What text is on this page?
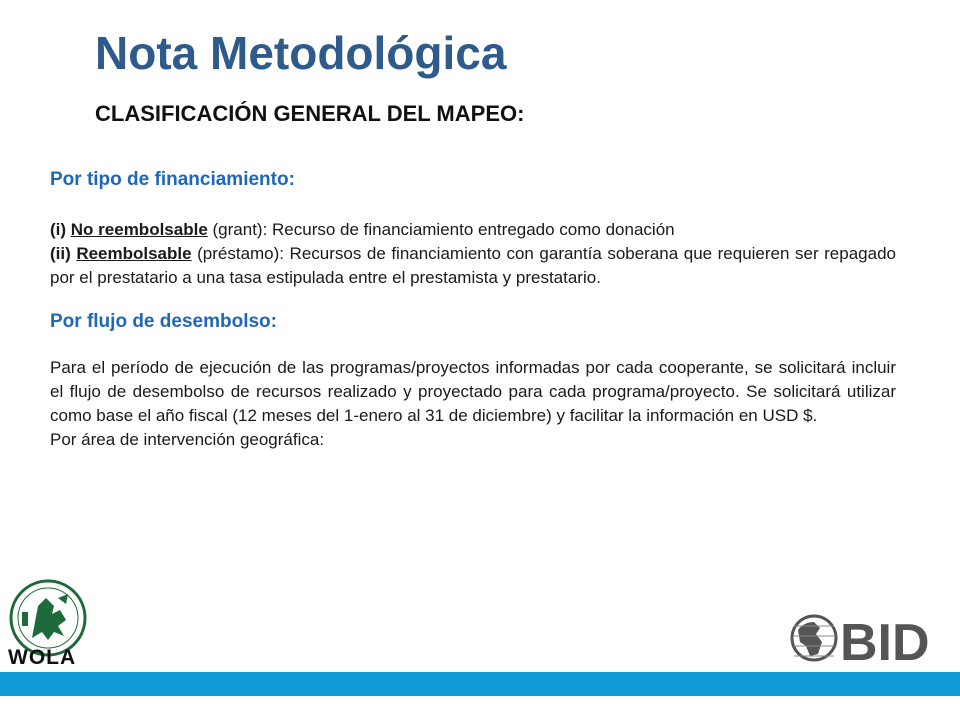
Nota Metodológica
CLASIFICACIÓN GENERAL DEL MAPEO:

Por tipo de financiamiento:

(i) No reembolsable (grant): Recurso de financiamiento entregado como donación

(ii) Reembolsable (préstamo): Recursos de financiamiento con garantía soberana que requieren ser repagado por el prestatario a una tasa estipulada entre el prestamista y prestatario.

Por flujo de desembolso:

Para el período de ejecución de las programas/proyectos informadas por cada cooperante, se solicitará incluir el flujo de desembolso de recursos realizado y proyectado para cada programa/proyecto. Se solicitará utilizar como base el año fiscal (12 meses del 1-enero al 31 de diciembre) y facilitar la información en USD $.

Por área de intervención geográfica:

WOLA	BID
